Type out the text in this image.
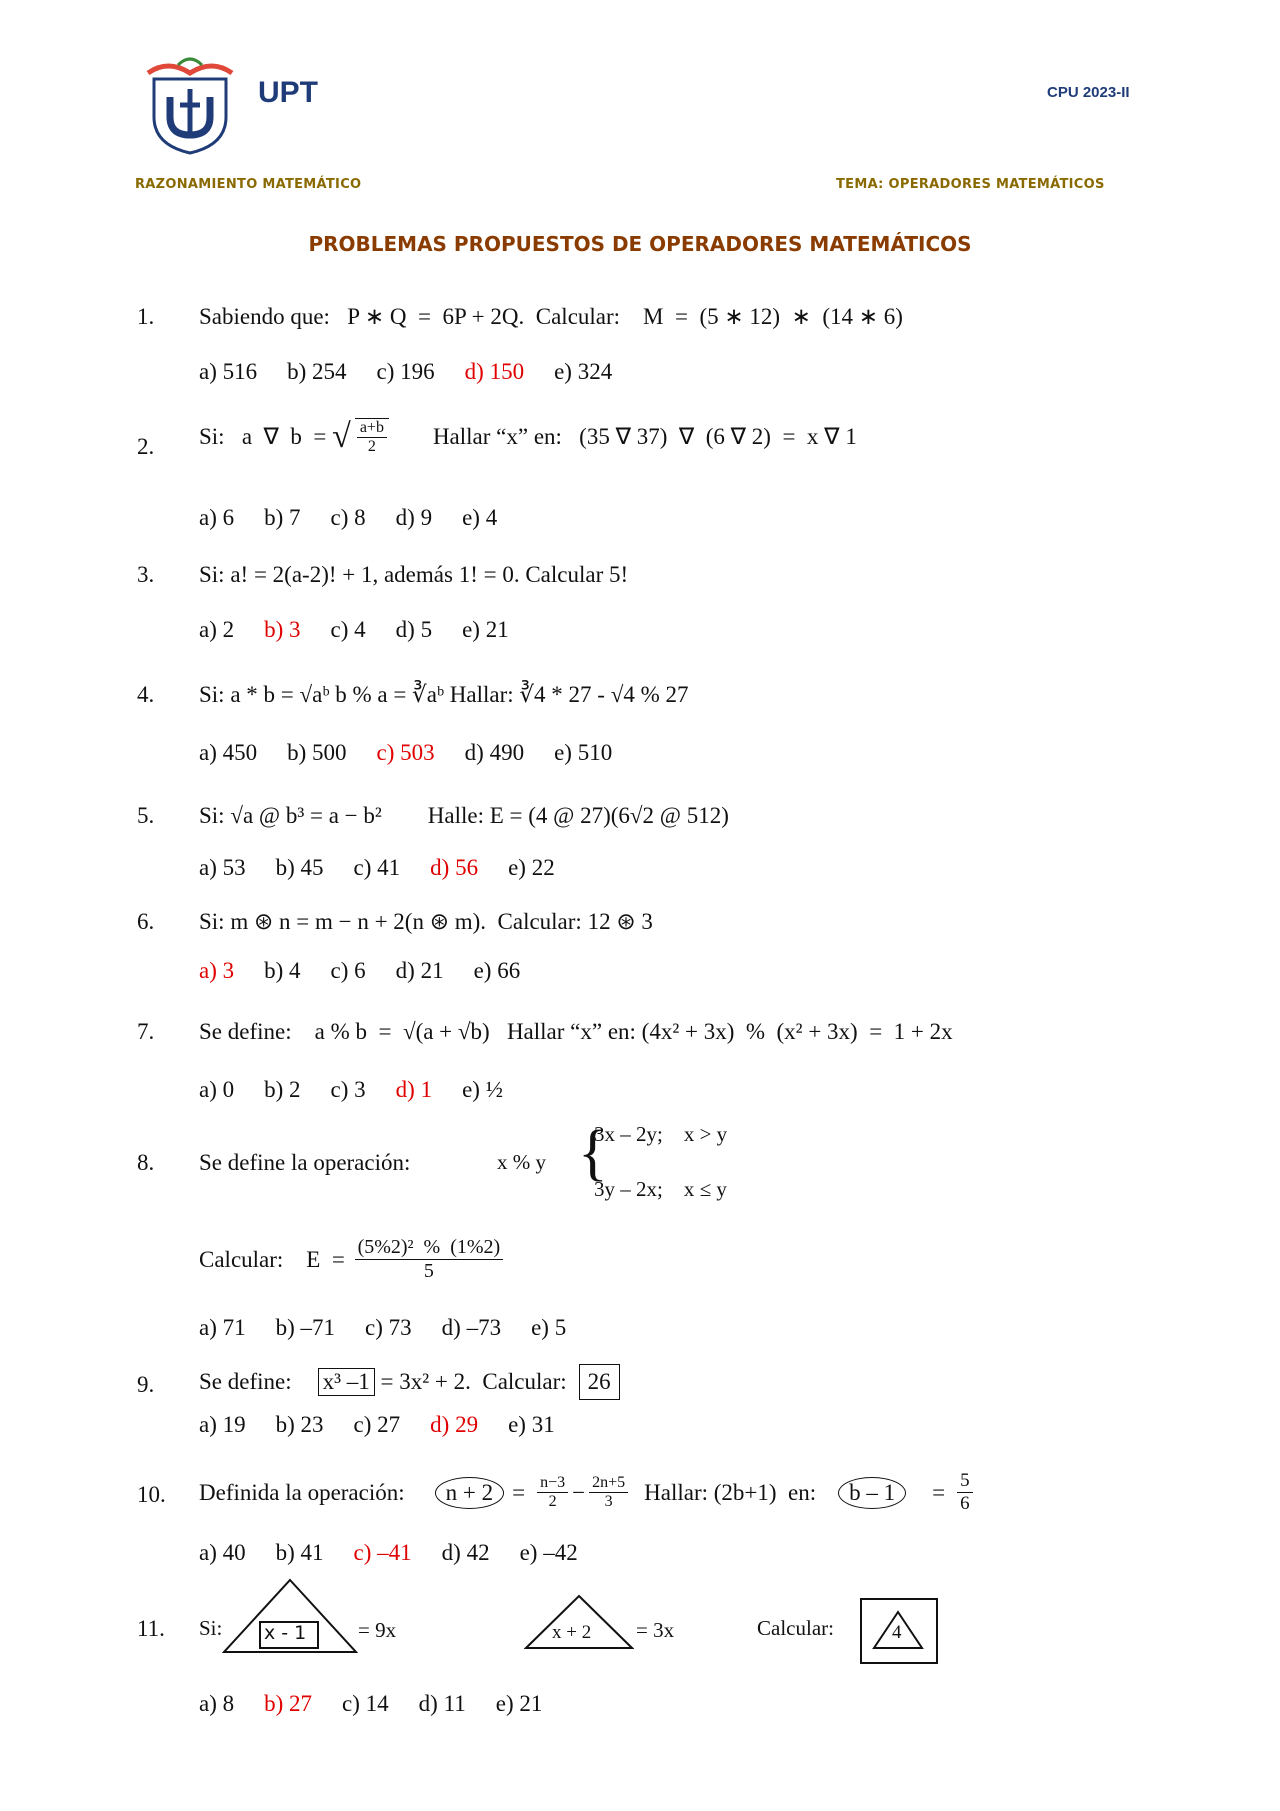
UPT	CPU 2023-II
RAZONAMIENTO MATEMÁTICO	TEMA: OPERADORES MATEMÁTICOS
PROBLEMAS PROPUESTOS DE OPERADORES MATEMÁTICOS
1. Sabiendo que:   P ∗ Q  =  6P + 2Q.  Calcular:    M  =  (5 ∗ 12)  ∗  (14 ∗ 6)
a) 516 b) 254 c) 196 d) 150 e) 324
2. Si:   a  ∇  b  = √ $\frac{a+b}{2}$ Hallar “x” en:   (35 ∇ 37)  ∇  (6 ∇ 2)  =  x ∇ 1
a) 6 b) 7 c) 8 d) 9 e) 4
3. Si: a! = 2(a-2)! + 1, además 1! = 0. Calcular 5!
a) 2 b) 3 c) 4 d) 5 e) 21
4. Si: a * b = √aᵇ b % a = ∛aᵇ Hallar: ∛4 * 27 - √4 % 27
a) 450 b) 500 c) 503 d) 490 e) 510
5. Si: √a @ b³ = a − b²        Halle: E = (4 @ 27)(6√2 @ 512)
a) 53 b) 45 c) 41 d) 56 e) 22
6. Si: m ⊛ n = m − n + 2(n ⊛ m).  Calcular: 12 ⊛ 3
a) 3 b) 4 c) 6 d) 21 e) 66
7. Se define:    a % b  =  √(a + √b)   Hallar “x” en: (4x² + 3x)  %  (x² + 3x)  =  1 + 2x
a) 0 b) 2 c) 3 d) 1 e) ½
8. Se define la operación:	x % y {
3x – 2y;    x > y
3y – 2x;    x ≤ y
Calcular:    $E = \frac{\text{(5\%2)²  \%  (1\%2)}}{5}$
a) 71 b) –71 c) 73 d) –73 e) 5
9. Se define: x³ –1 = 3x² + 2.  Calcular: 26
a) 19 b) 23 c) 27 d) 29 e) 31
10. Definida la operación:	$n + 2 = \frac{n-3}{2} - \frac{2n+5}{3}$ Hallar: (2b+1)  en:	b – 1	= $\frac{5}{6}$
a) 40 b) 41 c) –41 d) 42 e) –42
11. Si: x - 1 = 9x	x + 2 = 3x	Calcular:	4
a) 8 b) 27 c) 14 d) 11 e) 21
